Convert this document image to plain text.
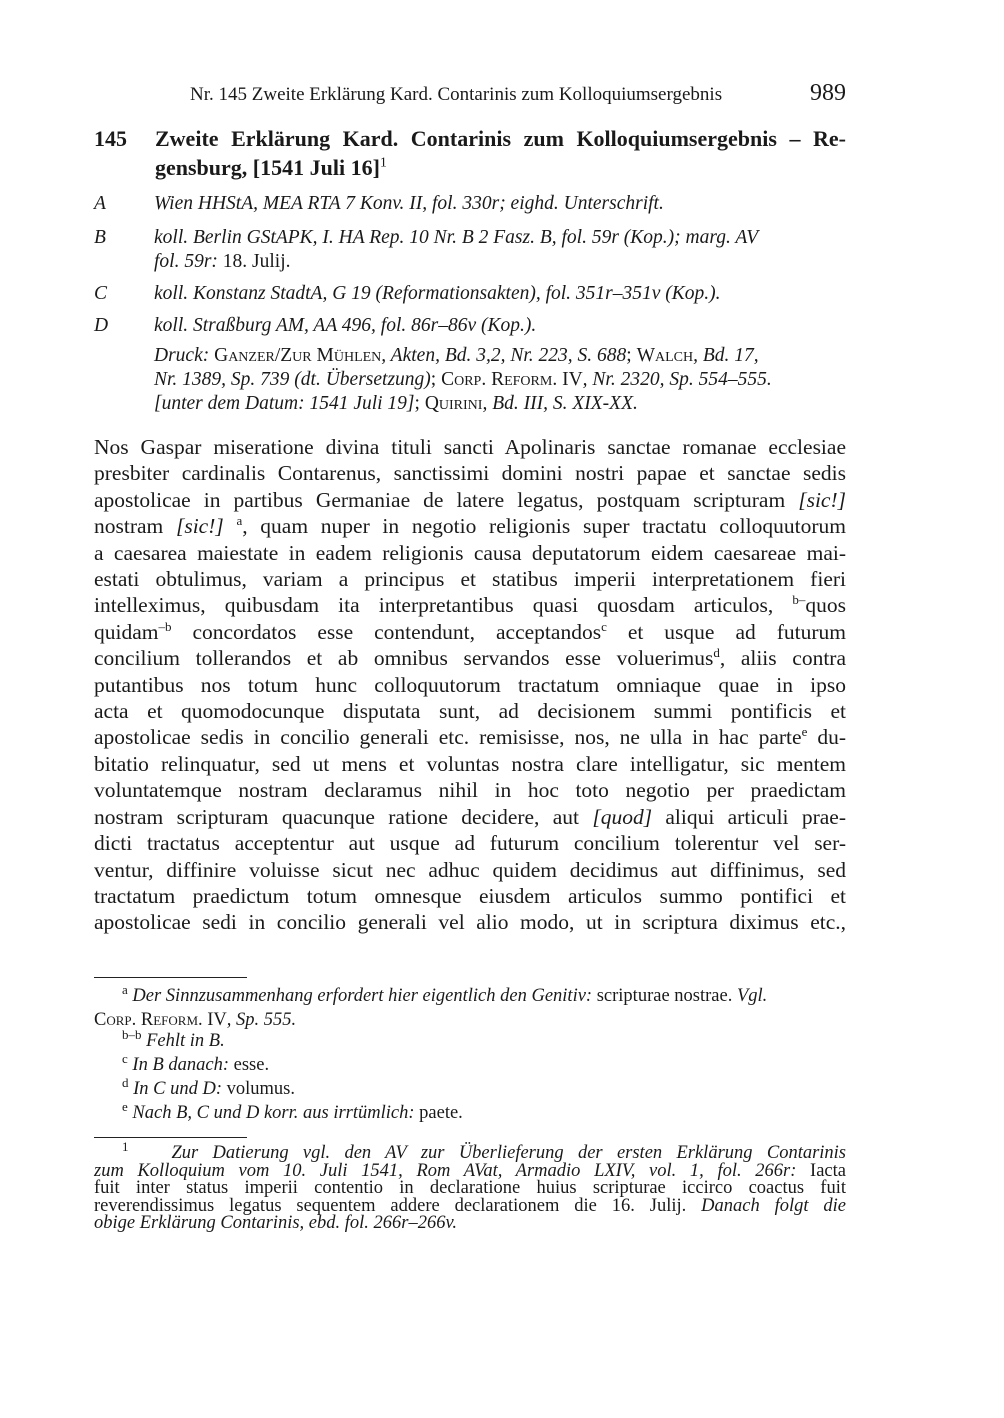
Nr. 145 Zweite Erklärung Kard. Contarinis zum Kolloquiumsergebnis	989
145	Zweite Erklärung Kard. Contarinis zum Kolloquiumsergebnis – Re-
gensburg, [1541 Juli 16]$^1$
A Wien HHStA, MEA RTA 7 Konv. II, fol. 330r; eighd. Unterschrift.
B koll. Berlin GStAPK, I. HA Rep. 10 Nr. B 2 Fasz. B, fol. 59r (Kop.); marg. AV
fol. 59r: 18. Julij.
C koll. Konstanz StadtA, G 19 (Reformationsakten), fol. 351r–351v (Kop.).
D koll. Straßburg AM, AA 496, fol. 86r–86v (Kop.).
Druck: Ganzer/Zur Mühlen, Akten, Bd. 3,2, Nr. 223, S. 688; Walch, Bd. 17,
Nr. 1389, Sp. 739 (dt. Übersetzung); Corp. Reform. IV, Nr. 2320, Sp. 554–555.
[unter dem Datum: 1541 Juli 19]; Quirini, Bd. III, S. XIX-XX.
Nos Gaspar miseratione divina tituli sancti Apolinaris sanctae romanae ecclesiae
presbiter cardinalis Contarenus, sanctissimi domini nostri papae et sanctae sedis
apostolicae in partibus Germaniae de latere legatus, postquam scripturam [sic!]
nostram [sic!] $^a$, quam nuper in negotio religionis super tractatu colloquutorum
a caesarea maiestate in eadem religionis causa deputatorum eidem caesareae mai-
estati obtulimus, variam a principus et statibus imperii interpretationem fieri
intelleximus, quibusdam ita interpretantibus quasi quosdam articulos, $^{b-}$quos
quidam$^{-b}$ concordatos esse contendunt, acceptandos$^c$ et usque ad futurum
concilium tollerandos et ab omnibus servandos esse voluerimus$^d$, aliis contra
putantibus nos totum hunc colloquutorum tractatum omniaque quae in ipso
acta et quomodocunque disputata sunt, ad decisionem summi pontificis et
apostolicae sedis in concilio generali etc. remisisse, nos, ne ulla in hac parte$^e$ du-
bitatio relinquatur, sed ut mens et voluntas nostra clare intelligatur, sic mentem
voluntatemque nostram declaramus nihil in hoc toto negotio per praedictam
nostram scripturam quacunque ratione decidere, aut [quod] aliqui articuli prae-
dicti tractatus acceptentur aut usque ad futurum concilium tolerentur vel ser-
ventur, diffinire voluisse sicut nec adhuc quidem decidimus aut diffinimus, sed
tractatum praedictum totum omnesque eiusdem articulos summo pontifici et
apostolicae sedi in concilio generali vel alio modo, ut in scriptura diximus etc.,
$^a$ Der Sinnzusammenhang erfordert hier eigentlich den Genitiv: scripturae nostrae. Vgl.
Corp. Reform. IV, Sp. 555.
$^{b-b}$ Fehlt in B.
$^c$ In B danach: esse.
$^d$ In C und D: volumus.
$^e$ Nach B, C und D korr. aus irrtümlich: paete.
$^1$ Zur Datierung vgl. den AV zur Überlieferung der ersten Erklärung Contarinis
zum Kolloquium vom 10. Juli 1541, Rom AVat, Armadio LXIV, vol. 1, fol. 266r: Iacta
fuit inter status imperii contentio in declaratione huius scripturae iccirco coactus fuit
reverendissimus legatus sequentem addere declarationem die 16. Julij. Danach folgt die
obige Erklärung Contarinis, ebd. fol. 266r–266v.
